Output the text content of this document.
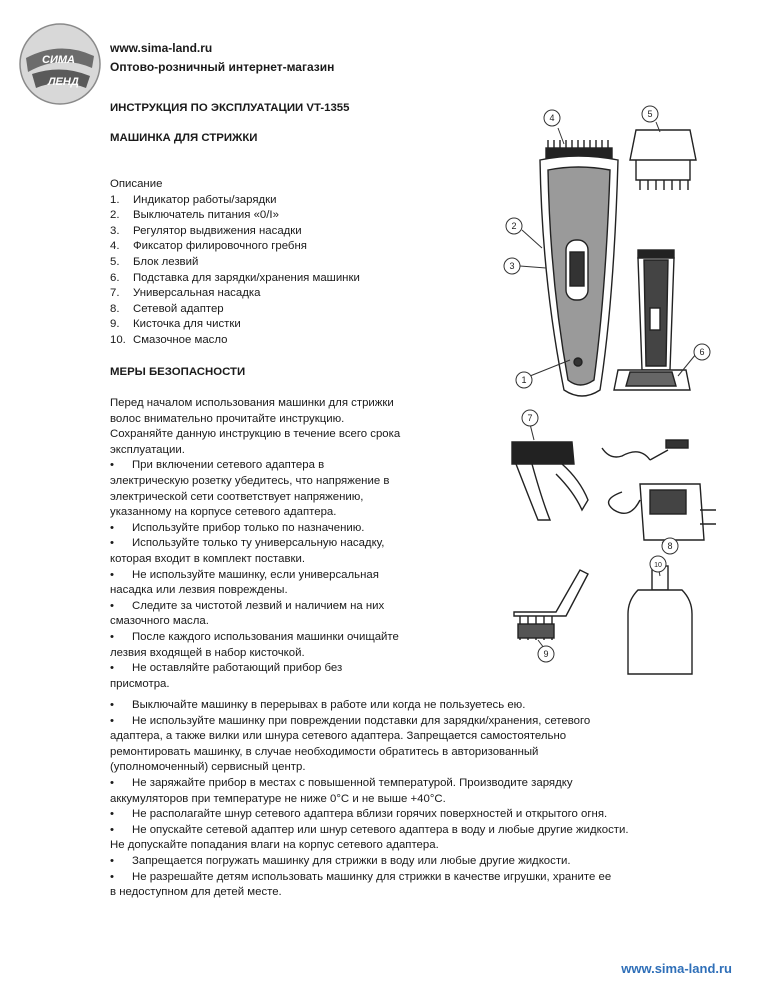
СИМА
ЛЕНД
www.sima-land.ru
Оптово-розничный интернет-магазин

ИНСТРУКЦИЯ ПО ЭКСПЛУАТАЦИИ VT-1355

МАШИНКА ДЛЯ СТРИЖКИ

Описание
1.	Индикатор работы/зарядки
2.	Выключатель питания «0/I»
3.	Регулятор выдвижения насадки
4.	Фиксатор филировочного гребня
5.	Блок лезвий
6.	Подставка для зарядки/хранения машинки
7.	Универсальная насадка
8.	Сетевой адаптер
9.	Кисточка для чистки
10. Смазочное масло

МЕРЫ БЕЗОПАСНОСТИ

Перед началом использования машинки для стрижки
волос внимательно прочитайте инструкцию.
Сохраняйте данную инструкцию в течение всего срока
эксплуатации.
• При включении сетевого адаптера в
электрическую розетку убедитесь, что напряжение в
электрической сети соответствует напряжению,
указанному на корпусе сетевого адаптера.
• Используйте прибор только по назначению.
• Используйте только ту универсальную насадку,
которая входит в комплект поставки.
• Не используйте машинку, если универсальная
насадка или лезвия повреждены.
• Следите за чистотой лезвий и наличием на них
смазочного масла.
• После каждого использования машинки очищайте
лезвия входящей в набор кисточкой.
• Не оставляйте работающий прибор без
присмотра.
• Выключайте машинку в перерывах в работе или когда не пользуетесь ею.
• Не используйте машинку при повреждении подставки для зарядки/хранения, сетевого
адаптера, а также вилки или шнура сетевого адаптера. Запрещается самостоятельно
ремонтировать машинку, в случае необходимости обратитесь в авторизованный
(уполномоченный) сервисный центр.
• Не заряжайте прибор в местах с повышенной температурой. Производите зарядку
аккумуляторов при температуре не ниже 0°С и не выше +40°С.
• Не располагайте шнур сетевого адаптера вблизи горячих поверхностей и открытого огня.
• Не опускайте сетевой адаптер или шнур сетевого адаптера в воду и любые другие жидкости.
Не допускайте попадания влаги на корпус сетевого адаптера.
• Запрещается погружать машинку для стрижки в воду или любые другие жидкости.
• Не разрешайте детям использовать машинку для стрижки в качестве игрушки, храните ее
в недоступном для детей месте.
1
2
3
4	5
6
7
8
9
10
www.sima-land.ru
